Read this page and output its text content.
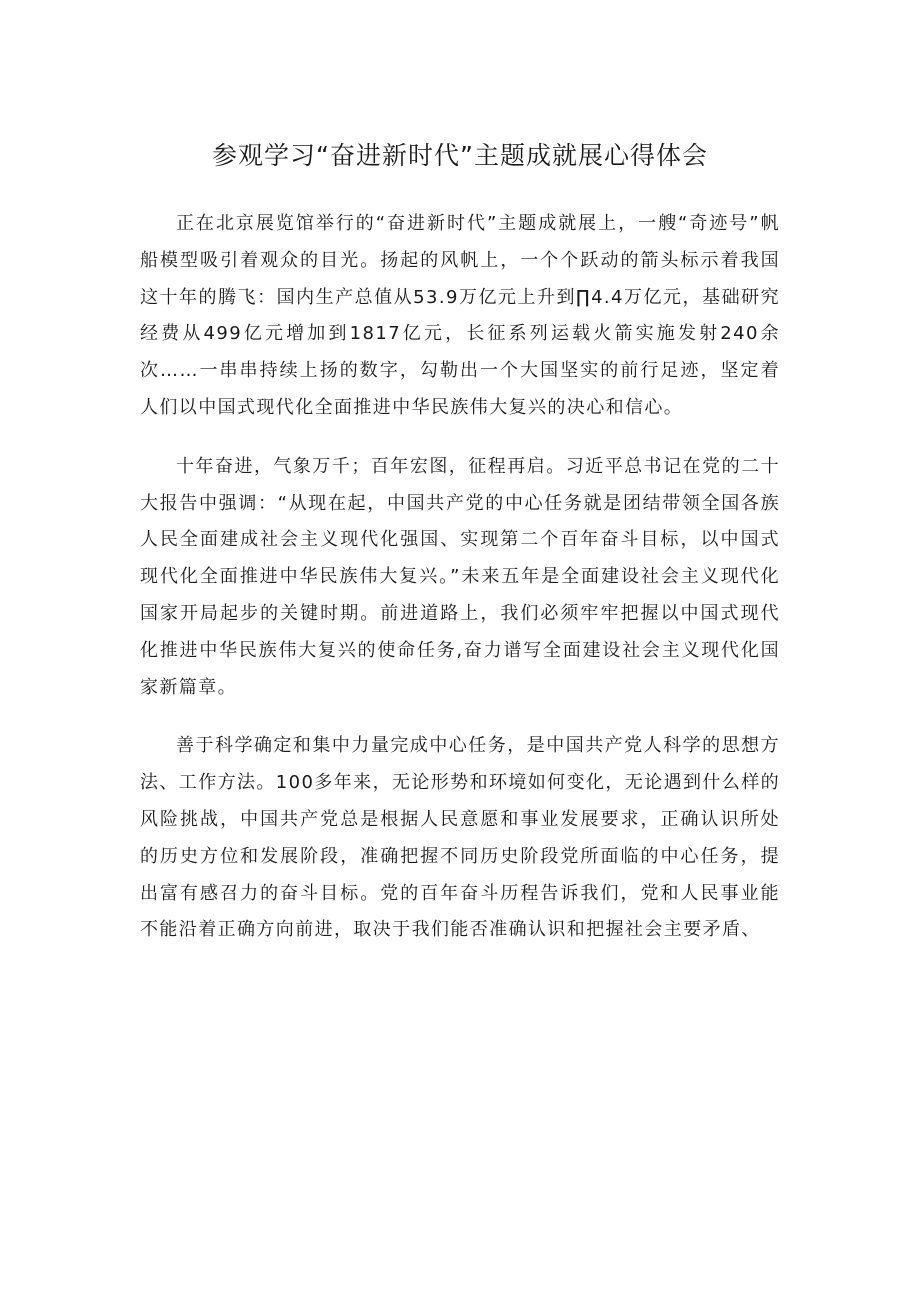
参观学习“奋进新时代”主题成就展心得体会

正在北京展览馆举行的“奋进新时代”主题成就展上，一艘“奇迹号”帆船模型吸引着观众的目光。扬起的风帆上，一个个跃动的箭头标示着我国这十年的腾飞：国内生产总值从53.9万亿元上升到∏4.4万亿元，基础研究经费从499亿元增加到1817亿元，长征系列运载火箭实施发射240余次……一串串持续上扬的数字，勾勒出一个大国坚实的前行足迹，坚定着人们以中国式现代化全面推进中华民族伟大复兴的决心和信心。

十年奋进，气象万千；百年宏图，征程再启。习近平总书记在党的二十大报告中强调：“从现在起，中国共产党的中心任务就是团结带领全国各族人民全面建成社会主义现代化强国、实现第二个百年奋斗目标，以中国式现代化全面推进中华民族伟大复兴。”未来五年是全面建设社会主义现代化国家开局起步的关键时期。前进道路上，我们必须牢牢把握以中国式现代化推进中华民族伟大复兴的使命任务,奋力谱写全面建设社会主义现代化国家新篇章。

善于科学确定和集中力量完成中心任务，是中国共产党人科学的思想方法、工作方法。100多年来，无论形势和环境如何变化，无论遇到什么样的风险挑战，中国共产党总是根据人民意愿和事业发展要求，正确认识所处的历史方位和发展阶段，准确把握不同历史阶段党所面临的中心任务，提出富有感召力的奋斗目标。党的百年奋斗历程告诉我们，党和人民事业能不能沿着正确方向前进，取决于我们能否准确认识和把握社会主要矛盾、
